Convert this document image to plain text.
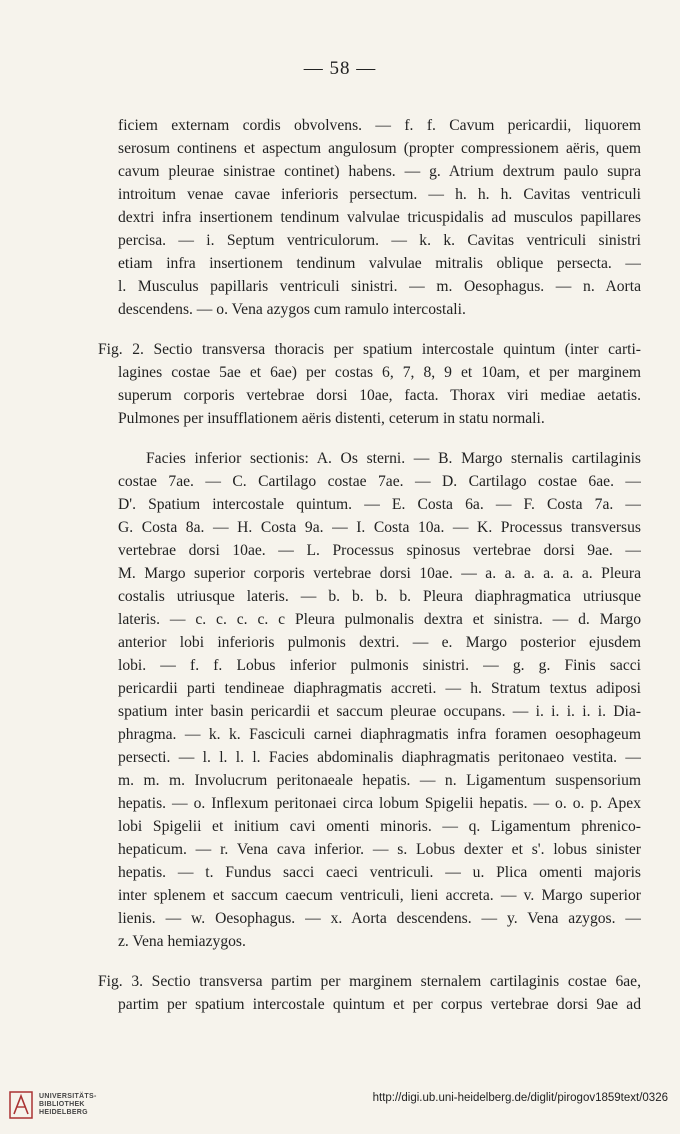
— 58 —
ficiem externam cordis obvolvens. — f. f. Cavum pericardii, liquorem
serosum continens et aspectum angulosum (propter compressionem aëris, quem
cavum pleurae sinistrae continet) habens. — g. Atrium dextrum paulo supra
introitum venae cavae inferioris persectum. — h. h. h. Cavitas ventriculi
dextri infra insertionem tendinum valvulae tricuspidalis ad musculos papillares
percisa. — i. Septum ventriculorum. — k. k. Cavitas ventriculi sinistri
etiam infra insertionem tendinum valvulae mitralis oblique persecta. —
l. Musculus papillaris ventriculi sinistri. — m. Oesophagus. — n. Aorta
descendens. — o. Vena azygos cum ramulo intercostali.
Fig. 2. Sectio transversa thoracis per spatium intercostale quintum (inter carti-
lagines costae 5ae et 6ae) per costas 6, 7, 8, 9 et 10am, et per marginem
superum corporis vertebrae dorsi 10ae, facta. Thorax viri mediae aetatis.
Pulmones per insufflationem aëris distenti, ceterum in statu normali.
Facies inferior sectionis: A. Os sterni. — B. Margo sternalis cartilaginis
costae 7ae. — C. Cartilago costae 7ae. — D. Cartilago costae 6ae. —
D'. Spatium intercostale quintum. — E. Costa 6a. — F. Costa 7a. —
G. Costa 8a. — H. Costa 9a. — I. Costa 10a. — K. Processus transversus
vertebrae dorsi 10ae. — L. Processus spinosus vertebrae dorsi 9ae. —
M. Margo superior corporis vertebrae dorsi 10ae. — a. a. a. a. a. a. Pleura
costalis utriusque lateris. — b. b. b. b. Pleura diaphragmatica utriusque
lateris. — c. c. c. c. c Pleura pulmonalis dextra et sinistra. — d. Margo
anterior lobi inferioris pulmonis dextri. — e. Margo posterior ejusdem
lobi. — f. f. Lobus inferior pulmonis sinistri. — g. g. Finis sacci
pericardii parti tendineae diaphragmatis accreti. — h. Stratum textus adiposi
spatium inter basin pericardii et saccum pleurae occupans. — i. i. i. i. i. Dia-
phragma. — k. k. Fasciculi carnei diaphragmatis infra foramen oesophageum
persecti. — l. l. l. l. Facies abdominalis diaphragmatis peritonaeo vestita. —
m. m. m. Involucrum peritonaeale hepatis. — n. Ligamentum suspensorium
hepatis. — o. Inflexum peritonaei circa lobum Spigelii hepatis. — o. o. p. Apex
lobi Spigelii et initium cavi omenti minoris. — q. Ligamentum phrenico-
hepaticum. — r. Vena cava inferior. — s. Lobus dexter et s'. lobus sinister
hepatis. — t. Fundus sacci caeci ventriculi. — u. Plica omenti majoris
inter splenem et saccum caecum ventriculi, lieni accreta. — v. Margo superior
lienis. — w. Oesophagus. — x. Aorta descendens. — y. Vena azygos. —
z. Vena hemiazygos.
Fig. 3. Sectio transversa partim per marginem sternalem cartilaginis costae 6ae,
partim per spatium intercostale quintum et per corpus vertebrae dorsi 9ae ad
UNIVERSITÄTS-
BIBLIOTHEK
HEIDELBERG
http://digi.ub.uni-heidelberg.de/diglit/pirogov1859text/0326
